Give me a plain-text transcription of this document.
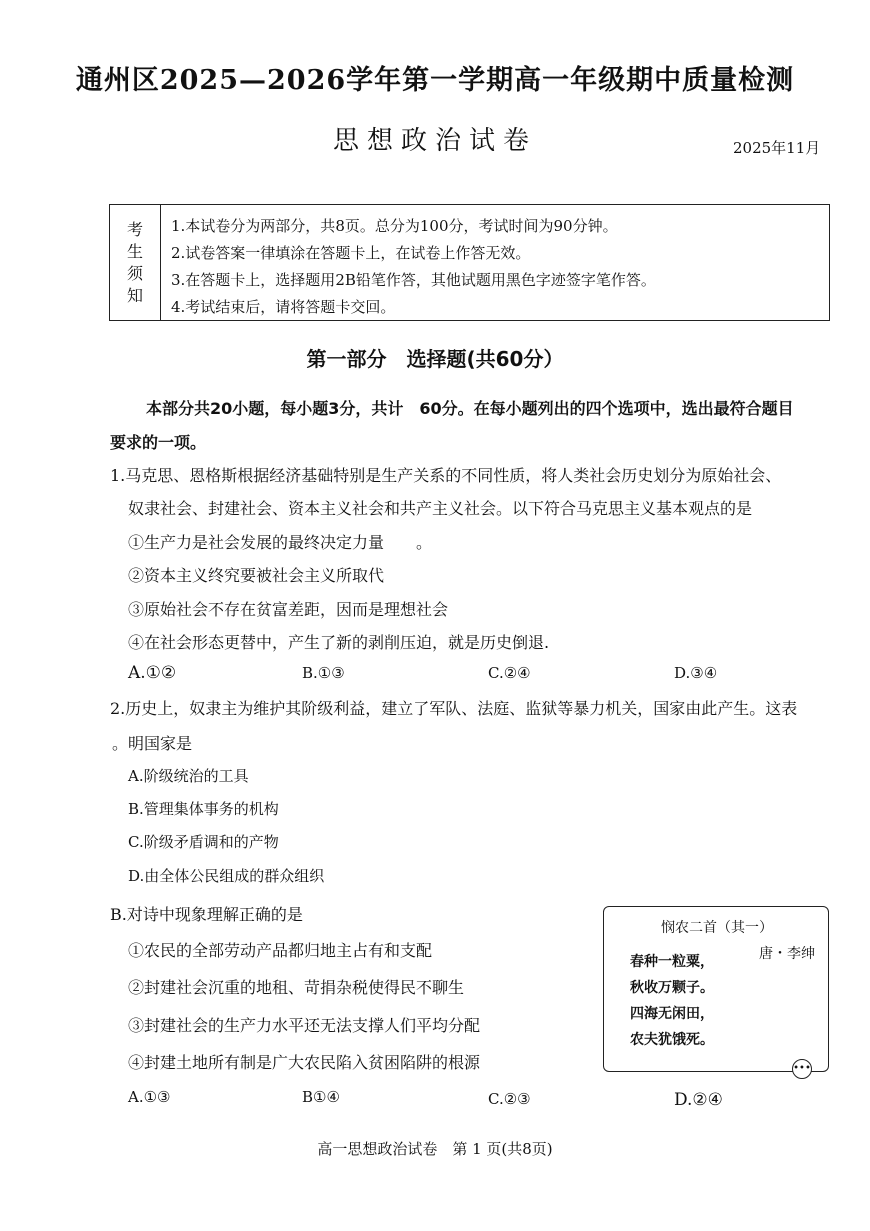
通州区2025—2026学年第一学期高一年级期中质量检测
思想政治试卷	2025年11月
考
生
须
知
1.本试卷分为两部分，共8页。总分为100分，考试时间为90分钟。
2.试卷答案一律填涂在答题卡上，在试卷上作答无效。
3.在答题卡上，选择题用2B铅笔作答，其他试题用黑色字迹签字笔作答。
4.考试结束后，请将答题卡交回。
第一部分　选择题(共60分）
本部分共20小题，每小题3分，共计　60分。在每小题列出的四个选项中，选出最符合题目
要求的一项。
1.马克思、恩格斯根据经济基础特别是生产关系的不同性质，将人类社会历史划分为原始社会、
奴隶社会、封建社会、资本主义社会和共产主义社会。以下符合马克思主义基本观点的是
①生产力是社会发展的最终决定力量　　。
②资本主义终究要被社会主义所取代
③原始社会不存在贫富差距，因而是理想社会
④在社会形态更替中，产生了新的剥削压迫，就是历史倒退.
A.①②	B.①③	C.②④	D.③④
2.历史上，奴隶主为维护其阶级利益，建立了军队、法庭、监狱等暴力机关，国家由此产生。这表
。明国家是
A.阶级统治的工具
B.管理集体事务的机构
C.阶级矛盾调和的产物
D.由全体公民组成的群众组织
B.对诗中现象理解正确的是
①农民的全部劳动产品都归地主占有和支配
②封建社会沉重的地租、苛捐杂税使得民不聊生
③封建社会的生产力水平还无法支撑人们平均分配
④封建土地所有制是广大农民陷入贫困陷阱的根源
A.①③	B①④	C.②③	D.②④
悯农二首（其一）
唐・李绅
春种一粒粟，
秋收万颗子。
四海无闲田，
农夫犹饿死。
•••
高一思想政治试卷　第 1 页(共8页)
